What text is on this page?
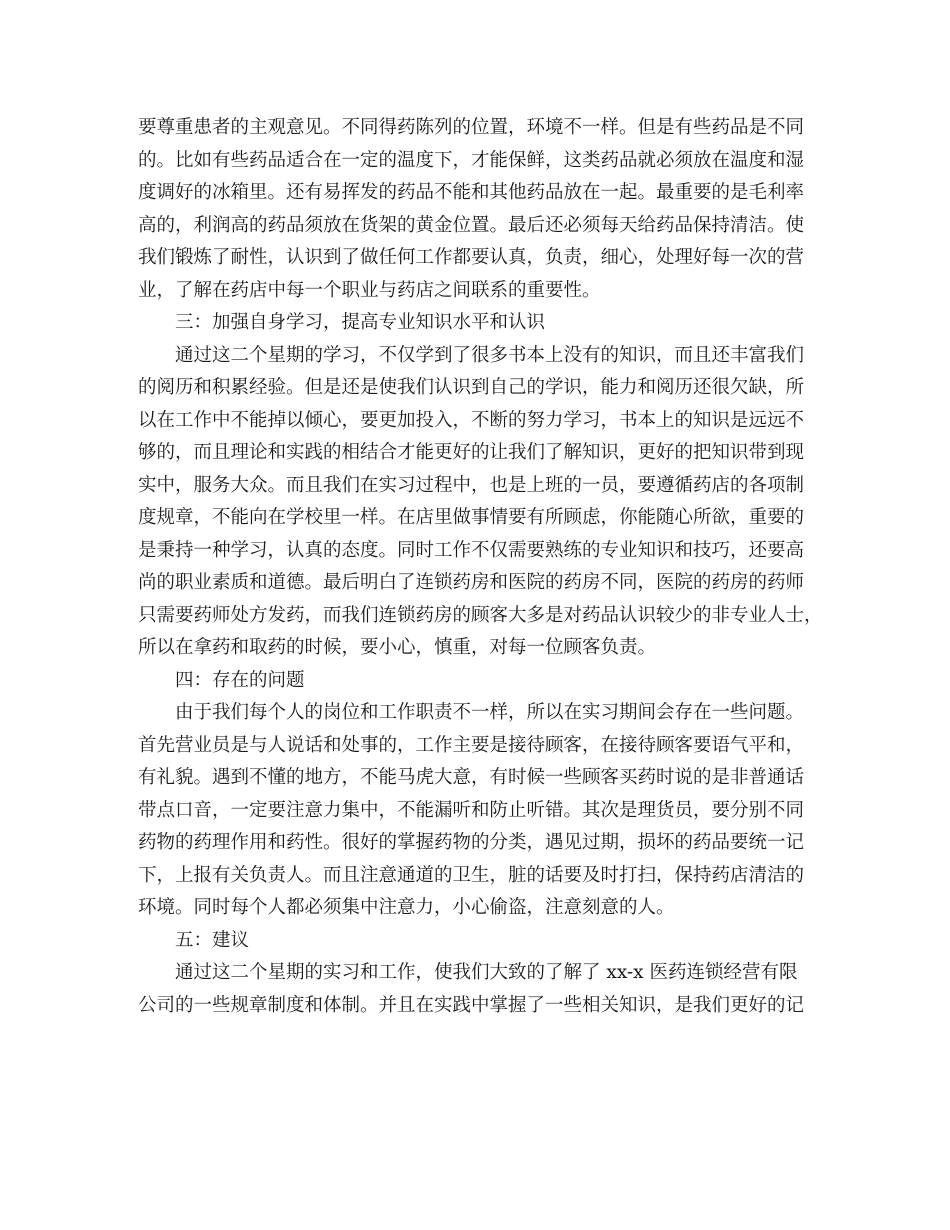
要尊重患者的主观意见。不同得药陈列的位置，环境不一样。但是有些药品是不同
的。比如有些药品适合在一定的温度下，才能保鲜，这类药品就必须放在温度和湿
度调好的冰箱里。还有易挥发的药品不能和其他药品放在一起。最重要的是毛利率
高的，利润高的药品须放在货架的黄金位置。最后还必须每天给药品保持清洁。使
我们锻炼了耐性，认识到了做任何工作都要认真，负责，细心，处理好每一次的营
业，了解在药店中每一个职业与药店之间联系的重要性。
三：加强自身学习，提高专业知识水平和认识
通过这二个星期的学习，不仅学到了很多书本上没有的知识，而且还丰富我们
的阅历和积累经验。但是还是使我们认识到自己的学识，能力和阅历还很欠缺，所
以在工作中不能掉以倾心，要更加投入，不断的努力学习，书本上的知识是远远不
够的，而且理论和实践的相结合才能更好的让我们了解知识，更好的把知识带到现
实中，服务大众。而且我们在实习过程中，也是上班的一员，要遵循药店的各项制
度规章，不能向在学校里一样。在店里做事情要有所顾虑，你能随心所欲，重要的
是秉持一种学习，认真的态度。同时工作不仅需要熟练的专业知识和技巧，还要高
尚的职业素质和道德。最后明白了连锁药房和医院的药房不同，医院的药房的药师
只需要药师处方发药，而我们连锁药房的顾客大多是对药品认识较少的非专业人士，
所以在拿药和取药的时候，要小心，慎重，对每一位顾客负责。
四：存在的问题
由于我们每个人的岗位和工作职责不一样，所以在实习期间会存在一些问题。
首先营业员是与人说话和处事的，工作主要是接待顾客，在接待顾客要语气平和，
有礼貌。遇到不懂的地方，不能马虎大意，有时候一些顾客买药时说的是非普通话
带点口音，一定要注意力集中，不能漏听和防止听错。其次是理货员，要分别不同
药物的药理作用和药性。很好的掌握药物的分类，遇见过期，损坏的药品要统一记
下，上报有关负责人。而且注意通道的卫生，脏的话要及时打扫，保持药店清洁的
环境。同时每个人都必须集中注意力，小心偷盗，注意刻意的人。
五：建议
通过这二个星期的实习和工作，使我们大致的了解了 xx-x 医药连锁经营有限
公司的一些规章制度和体制。并且在实践中掌握了一些相关知识，是我们更好的记
